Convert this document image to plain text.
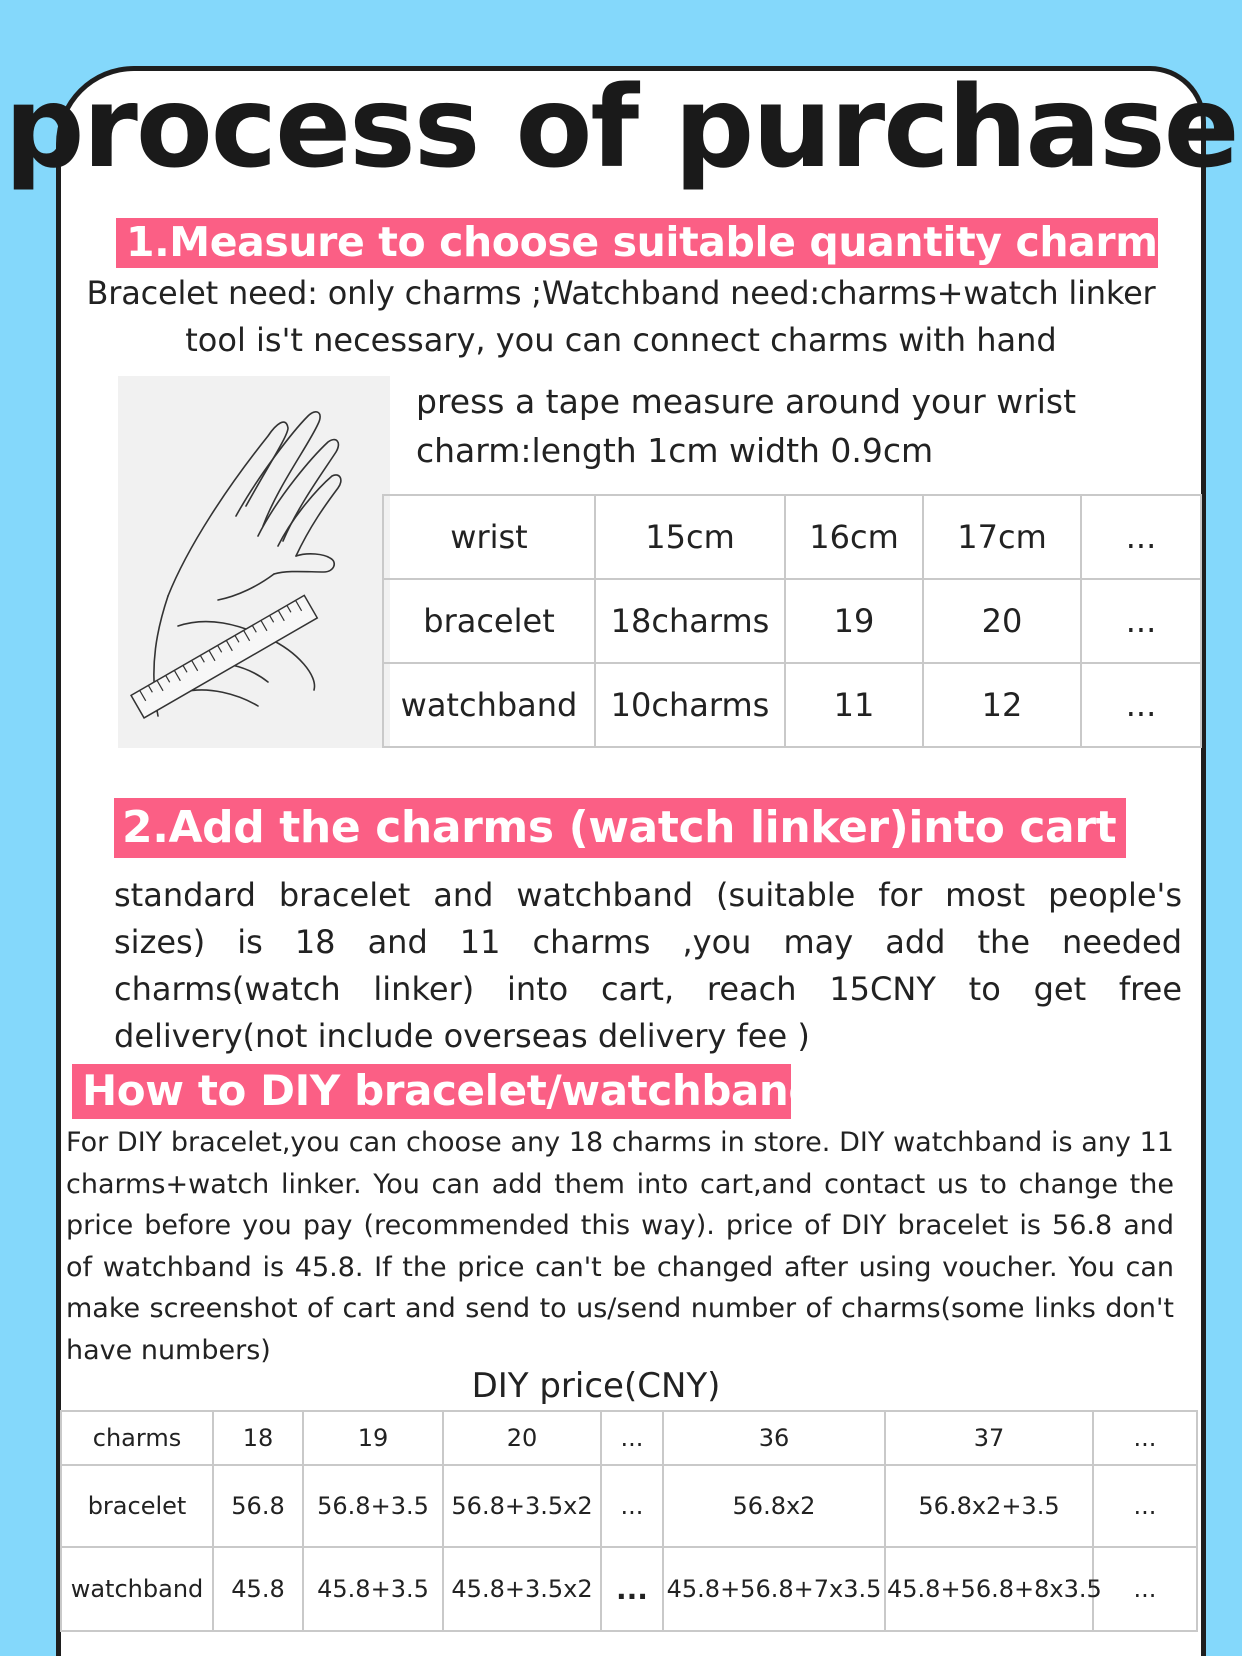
process of purchase
1.Measure to choose suitable quantity charms
Bracelet need: only charms ;Watchband need:charms+watch linker
tool is't necessary, you can connect charms with hand
press a tape measure around your wrist
charm:length 1cm width 0.9cm
wrist	15cm	16cm	17cm	...
bracelet	18charms	19	20	...
watchband	10charms	11	12	...
2.Add the charms (watch linker)into cart
standard bracelet and watchband (suitable for most people's sizes) is 18 and 11 charms ,you may add the needed charms(watch linker) into cart, reach 15CNY to get free delivery(not include overseas delivery fee )
How to DIY bracelet/watchband
For DIY bracelet,you can choose any 18 charms in store. DIY watchband is any 11 charms+watch linker. You can add them into cart,and contact us to change the price before you pay (recommended this way). price of DIY bracelet is 56.8 and of watchband is 45.8. If the price can't be changed after using voucher. You can make screenshot of cart and send to us/send number of charms(some links don't have numbers)
DIY price(CNY)
charms	18	19	20	...	36	37	...
bracelet	56.8	56.8+3.5	56.8+3.5x2	...	56.8x2	56.8x2+3.5	...
watchband	45.8	45.8+3.5	45.8+3.5x2	...	45.8+56.8+7x3.5	45.8+56.8+8x3.5	...
